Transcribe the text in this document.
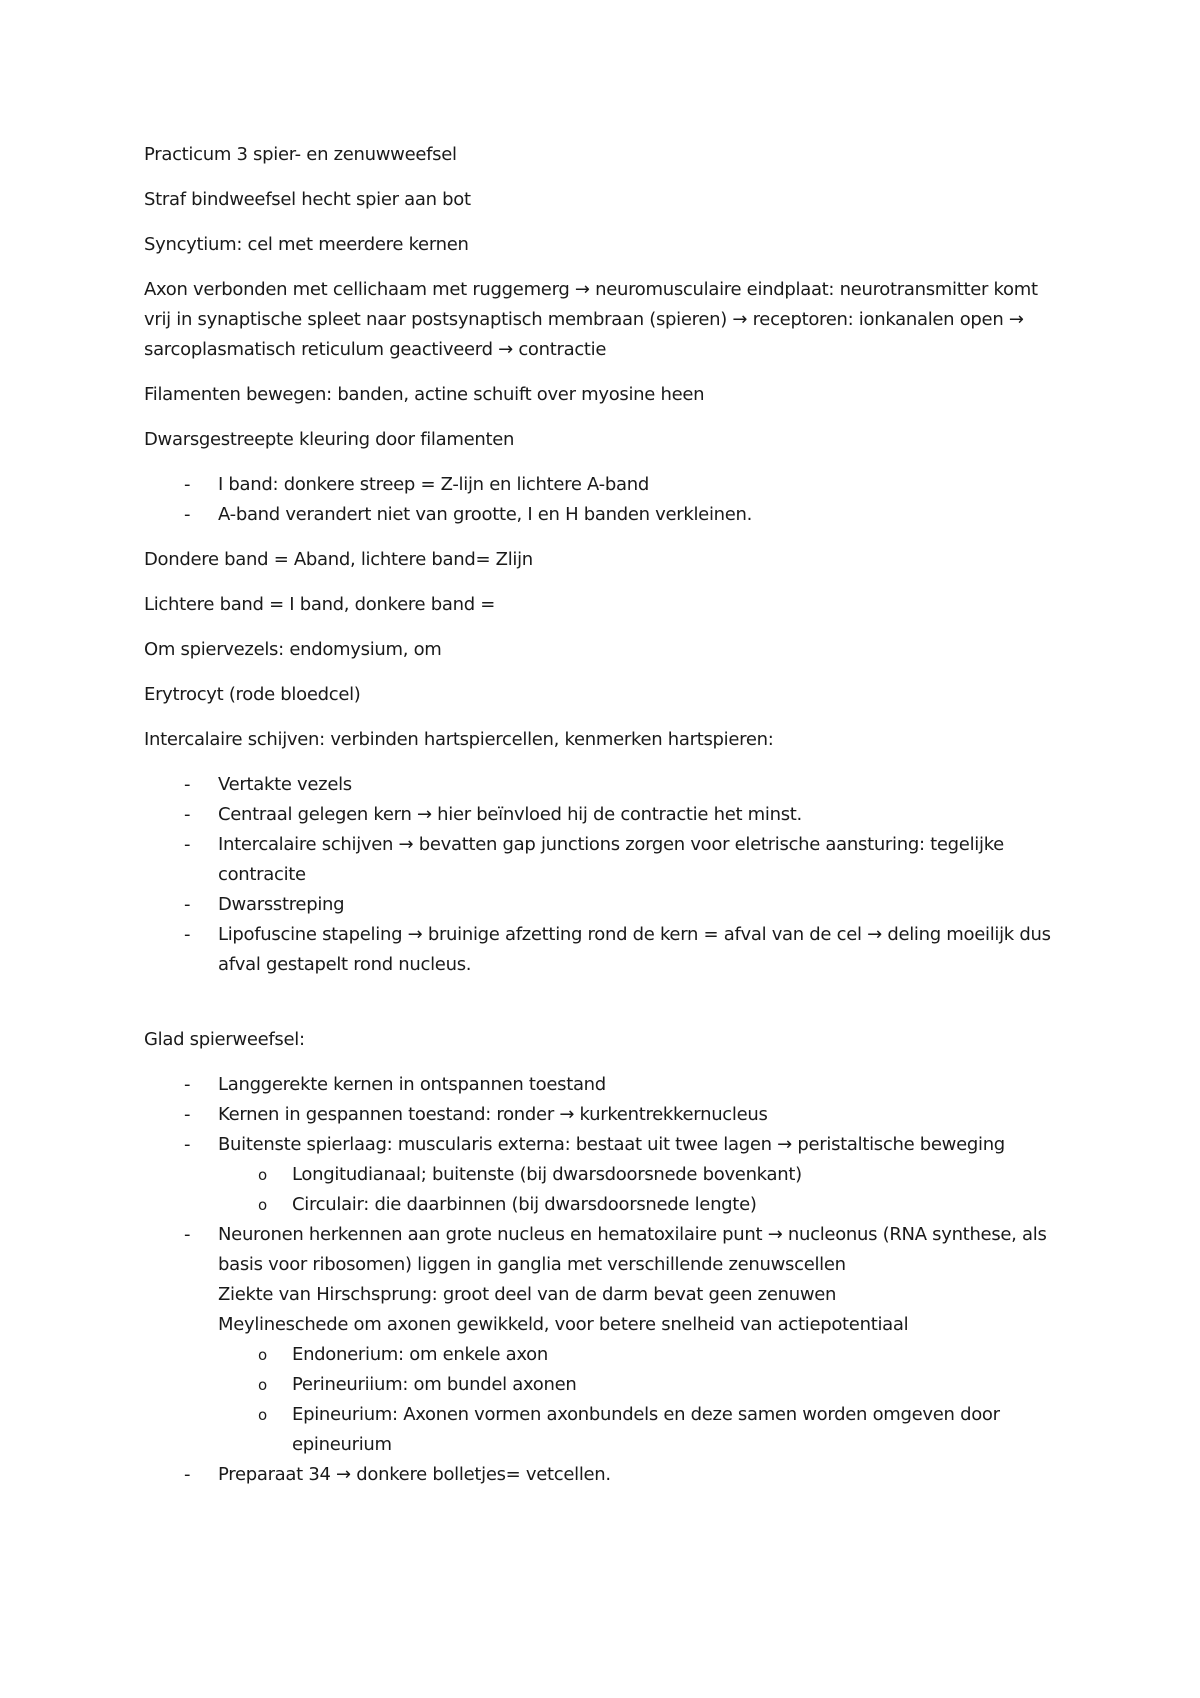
Practicum 3 spier- en zenuwweefsel

Straf bindweefsel hecht spier aan bot

Syncytium: cel met meerdere kernen

Axon verbonden met cellichaam met ruggemerg → neuromusculaire eindplaat: neurotransmitter komt vrij in synaptische spleet naar postsynaptisch membraan (spieren) → receptoren: ionkanalen open → sarcoplasmatisch reticulum geactiveerd → contractie

Filamenten bewegen: banden, actine schuift over myosine heen

Dwarsgestreepte kleuring door filamenten

- I band: donkere streep = Z-lijn en lichtere A-band
- A-band verandert niet van grootte, I en H banden verkleinen.

Dondere band = Aband, lichtere band= Zlijn

Lichtere band = I band, donkere band =

Om spiervezels: endomysium, om

Erytrocyt (rode bloedcel)

Intercalaire schijven: verbinden hartspiercellen, kenmerken hartspieren:

- Vertakte vezels
- Centraal gelegen kern → hier beïnvloed hij de contractie het minst.
- Intercalaire schijven → bevatten gap junctions zorgen voor eletrische aansturing: tegelijke contracite
- Dwarsstreping
- Lipofuscine stapeling → bruinige afzetting rond de kern = afval van de cel → deling moeilijk dus afval gestapelt rond nucleus.

Glad spierweefsel:

- Langgerekte kernen in ontspannen toestand
- Kernen in gespannen toestand: ronder → kurkentrekkernucleus
- Buitenste spierlaag: muscularis externa: bestaat uit twee lagen → peristaltische beweging
o Longitudianaal; buitenste (bij dwarsdoorsnede bovenkant)
o Circulair: die daarbinnen (bij dwarsdoorsnede lengte)
- Neuronen herkennen aan grote nucleus en hematoxilaire punt → nucleonus (RNA synthese, als basis voor ribosomen) liggen in ganglia met verschillende zenuwscellen
Ziekte van Hirschsprung: groot deel van de darm bevat geen zenuwen
Meylineschede om axonen gewikkeld, voor betere snelheid van actiepotentiaal
o Endonerium: om enkele axon
o Perineuriium: om bundel axonen
o Epineurium: Axonen vormen axonbundels en deze samen worden omgeven door epineurium
- Preparaat 34 → donkere bolletjes= vetcellen.
